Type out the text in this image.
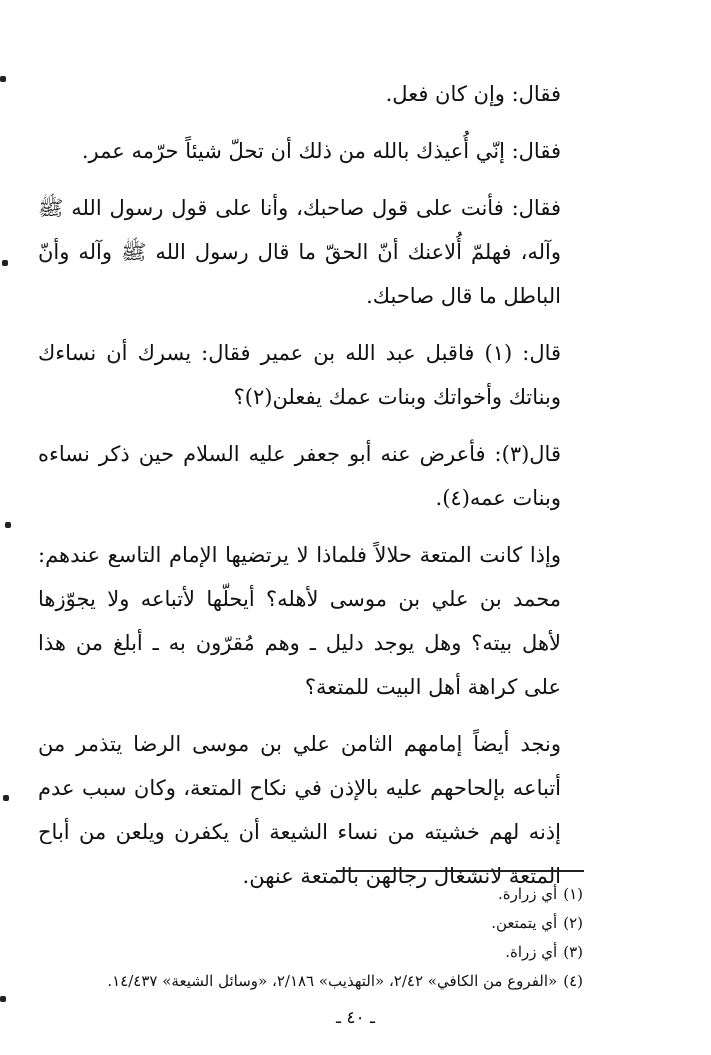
فقال: وإن كان فعل.

فقال: إنّي أُعيذك بالله من ذلك أن تحلّ شيئاً حرّمه عمر.

فقال: فأنت على قول صاحبك، وأنا على قول رسول الله ﷺ وآله، فهلمّ أُلاعنك أنّ الحقّ ما قال رسول الله ﷺ وآله وأنّ الباطل ما قال صاحبك.

قال: (١) فاقبل عبد الله بن عمير فقال: يسرك أن نساءك وبناتك وأخواتك وبنات عمك يفعلن(٢)؟

قال(٣): فأعرض عنه أبو جعفر عليه السلام حين ذكر نساءه وبنات عمه(٤).

وإذا كانت المتعة حلالاً فلماذا لا يرتضيها الإمام التاسع عندهم: محمد بن علي بن موسى لأهله؟ أيحلّها لأتباعه ولا يجوّزها لأهل بيته؟ وهل يوجد دليل ـ وهم مُقرّون به ـ أبلغ من هذا على كراهة أهل البيت للمتعة؟

ونجد أيضاً إمامهم الثامن علي بن موسى الرضا يتذمر من أتباعه بإلحاحهم عليه بالإذن في نكاح المتعة، وكان سبب عدم إذنه لهم خشيته من نساء الشيعة أن يكفرن ويلعن من أباح المتعة لانشغال رجالهن بالمتعة عنهن.

(١)أي زرارة.
(٢)أي يتمتعن.
(٣)أي زراة.
(٤)«الفروع من الكافي» ٢/٤٢، «التهذيب» ٢/١٨٦، «وسائل الشيعة» ١٤/٤٣٧.
ـ ٤٠ ـ
